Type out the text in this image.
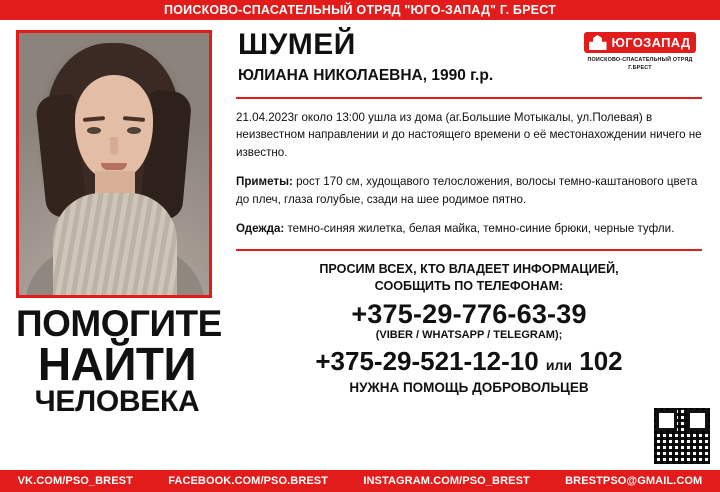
ПОИСКОВО-СПАСАТЕЛЬНЫЙ ОТРЯД "ЮГО-ЗАПАД" Г. БРЕСТ
ПОМОГИТЕ
НАЙТИ
ЧЕЛОВЕКА
ШУМЕЙ
ЮЛИАНА НИКОЛАЕВНА, 1990 г.р.
ЮГОЗАПАД
ПОИСКОВО-СПАСАТЕЛЬНЫЙ ОТРЯД
Г.БРЕСТ

21.04.2023г около 13:00 ушла из дома (аг.Большие Мотыкалы, ул.Полевая) в неизвестном направлении и до настоящего времени о её местонахождении ничего не известно.

Приметы: рост 170 см, худощавого телосложения, волосы темно-каштанового цвета до плеч, глаза голубые, сзади на шее родимое пятно.

Одежда: темно-синяя жилетка, белая майка, темно-синие брюки, черные туфли.

ПРОСИМ ВСЕХ, КТО ВЛАДЕЕТ ИНФОРМАЦИЕЙ,
СООБЩИТЬ ПО ТЕЛЕФОНАМ:
+375-29-776-63-39
(VIBER / WHATSAPP / TELEGRAM);
+375-29-521-12-10 или 102
НУЖНА ПОМОЩЬ ДОБРОВОЛЬЦЕВ
VK.COM/PSO_BREST	FACEBOOK.COM/PSO.BREST	INSTAGRAM.COM/PSO_BREST	BRESTPSO@GMAIL.COM
